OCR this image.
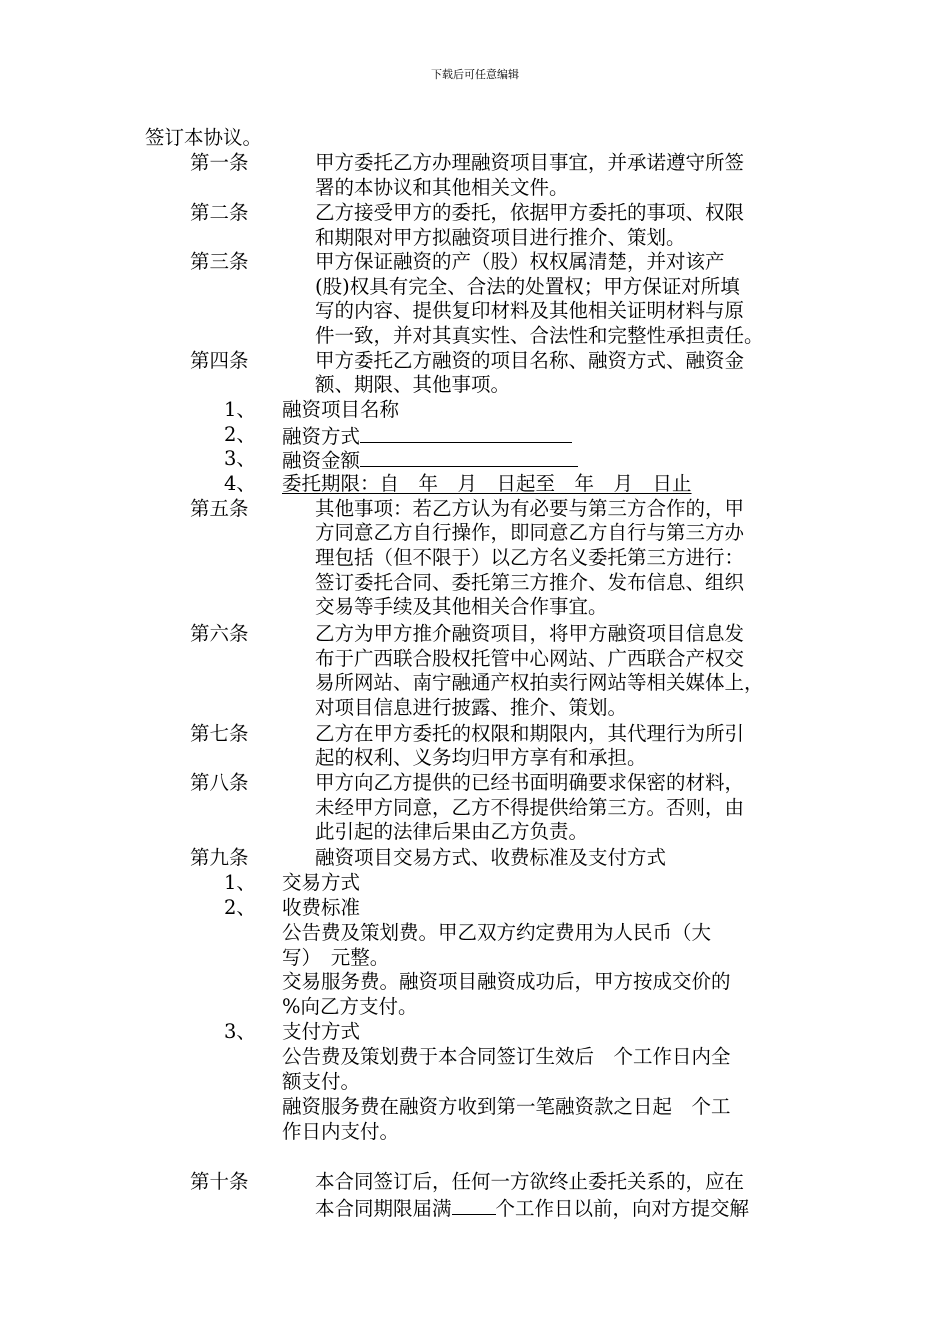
下载后可任意编辑
签订本协议。
第一条	甲方委托乙方办理融资项目事宜，并承诺遵守所签
署的本协议和其他相关文件。
第二条	乙方接受甲方的委托，依据甲方委托的事项、权限
和期限对甲方拟融资项目进行推介、策划。
第三条	甲方保证融资的产（股）权权属清楚，并对该产
(股)权具有完全、合法的处置权；甲方保证对所填
写的内容、提供复印材料及其他相关证明材料与原
件一致，并对其真实性、合法性和完整性承担责任。
第四条	甲方委托乙方融资的项目名称、融资方式、融资金
额、期限、其他事项。
1、 融资项目名称
2、 融资方式
3、 融资金额
4、 委托期限：自　年　月　日起至　年　月　日止
第五条	其他事项：若乙方认为有必要与第三方合作的，甲
方同意乙方自行操作，即同意乙方自行与第三方办
理包括（但不限于）以乙方名义委托第三方进行：
签订委托合同、委托第三方推介、发布信息、组织
交易等手续及其他相关合作事宜。
第六条	乙方为甲方推介融资项目，将甲方融资项目信息发
布于广西联合股权托管中心网站、广西联合产权交
易所网站、南宁融通产权拍卖行网站等相关媒体上，
对项目信息进行披露、推介、策划。
第七条	乙方在甲方委托的权限和期限内，其代理行为所引
起的权利、义务均归甲方享有和承担。
第八条	甲方向乙方提供的已经书面明确要求保密的材料，
未经甲方同意，乙方不得提供给第三方。否则，由
此引起的法律后果由乙方负责。
第九条	融资项目交易方式、收费标准及支付方式
1、 交易方式
2、 收费标准
公告费及策划费。甲乙双方约定费用为人民币（大
写）　元整。
交易服务费。融资项目融资成功后，甲方按成交价的
%向乙方支付。
3、 支付方式
公告费及策划费于本合同签订生效后　个工作日内全
额支付。
融资服务费在融资方收到第一笔融资款之日起　个工
作日内支付。
第十条	本合同签订后，任何一方欲终止委托关系的，应在
本合同期限届满 个工作日以前，向对方提交解
